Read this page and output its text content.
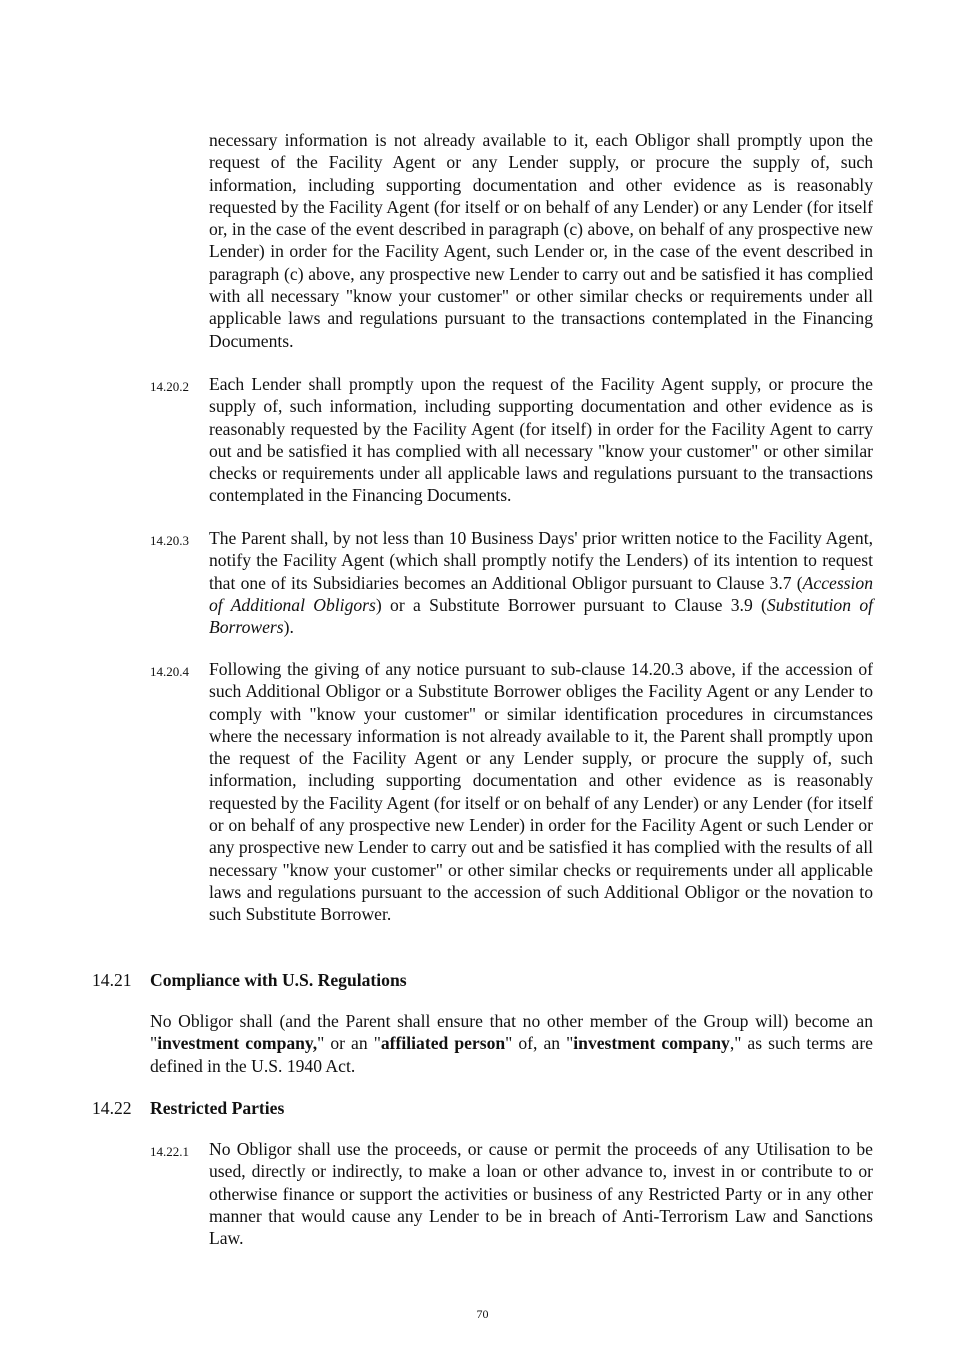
necessary information is not already available to it, each Obligor shall promptly upon the request of the Facility Agent or any Lender supply, or procure the supply of, such information, including supporting documentation and other evidence as is reasonably requested by the Facility Agent (for itself or on behalf of any Lender) or any Lender (for itself or, in the case of the event described in paragraph (c) above, on behalf of any prospective new Lender) in order for the Facility Agent, such Lender or, in the case of the event described in paragraph (c) above, any prospective new Lender to carry out and be satisfied it has complied with all necessary "know your customer" or other similar checks or requirements under all applicable laws and regulations pursuant to the transactions contemplated in the Financing Documents.

14.20.2 Each Lender shall promptly upon the request of the Facility Agent supply, or procure the supply of, such information, including supporting documentation and other evidence as is reasonably requested by the Facility Agent (for itself) in order for the Facility Agent to carry out and be satisfied it has complied with all necessary "know your customer" or other similar checks or requirements under all applicable laws and regulations pursuant to the transactions contemplated in the Financing Documents.
14.20.3 The Parent shall, by not less than 10 Business Days' prior written notice to the Facility Agent, notify the Facility Agent (which shall promptly notify the Lenders) of its intention to request that one of its Subsidiaries becomes an Additional Obligor pursuant to Clause 3.7 (Accession of Additional Obligors) or a Substitute Borrower pursuant to Clause 3.9 (Substitution of Borrowers).
14.20.4 Following the giving of any notice pursuant to sub-clause 14.20.3 above, if the accession of such Additional Obligor or a Substitute Borrower obliges the Facility Agent or any Lender to comply with "know your customer" or similar identification procedures in circumstances where the necessary information is not already available to it, the Parent shall promptly upon the request of the Facility Agent or any Lender supply, or procure the supply of, such information, including supporting documentation and other evidence as is reasonably requested by the Facility Agent (for itself or on behalf of any Lender) or any Lender (for itself or on behalf of any prospective new Lender) in order for the Facility Agent or such Lender or any prospective new Lender to carry out and be satisfied it has complied with the results of all necessary "know your customer" or other similar checks or requirements under all applicable laws and regulations pursuant to the accession of such Additional Obligor or the novation to such Substitute Borrower.
14.21 Compliance with U.S. Regulations

No Obligor shall (and the Parent shall ensure that no other member of the Group will) become an "investment company," or an "affiliated person" of, an "investment company," as such terms are defined in the U.S. 1940 Act.

14.22 Restricted Parties
14.22.1 No Obligor shall use the proceeds, or cause or permit the proceeds of any Utilisation to be used, directly or indirectly, to make a loan or other advance to, invest in or contribute to or otherwise finance or support the activities or business of any Restricted Party or in any other manner that would cause any Lender to be in breach of Anti-Terrorism Law and Sanctions Law.
70
